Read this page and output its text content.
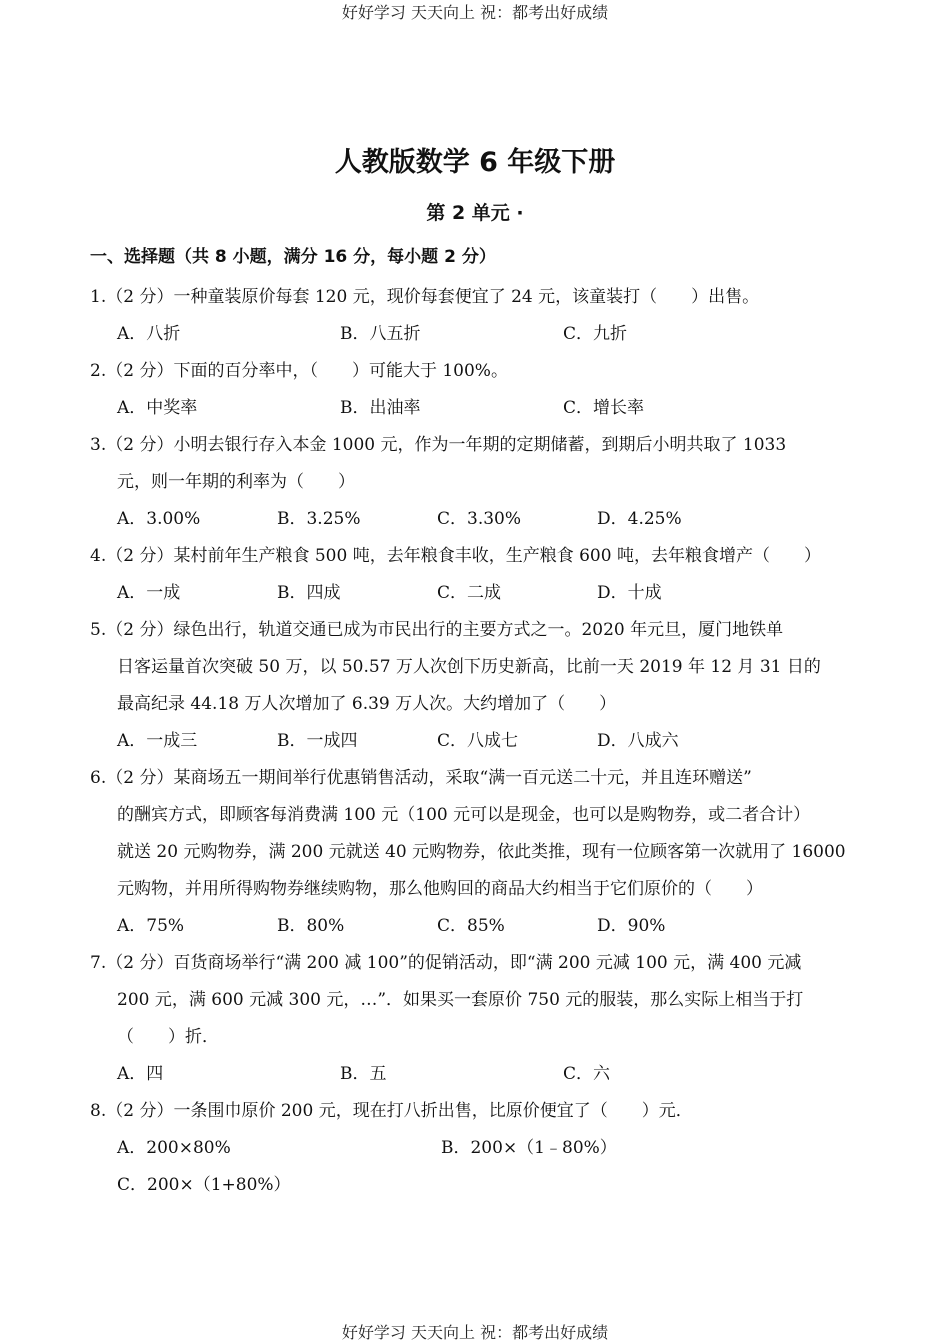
好好学习 天天向上 祝：都考出好成绩
人教版数学 6 年级下册
第 2 单元 ·
一、选择题（共 8 小题，满分 16 分，每小题 2 分）
1.（2 分）一种童装原价每套 120 元，现价每套便宜了 24 元，该童装打（　　）出售。
A．八折	B．八五折	C．九折
2.（2 分）下面的百分率中，（　　）可能大于 100%。
A．中奖率	B．出油率	C．增长率
3.（2 分）小明去银行存入本金 1000 元，作为一年期的定期储蓄，到期后小明共取了 1033
元，则一年期的利率为（　　）
A．3.00%	B．3.25%	C．3.30%	D．4.25%
4.（2 分）某村前年生产粮食 500 吨，去年粮食丰收，生产粮食 600 吨，去年粮食增产（　　）
A．一成	B．四成	C．二成	D．十成
5.（2 分）绿色出行，轨道交通已成为市民出行的主要方式之一。2020 年元旦，厦门地铁单
日客运量首次突破 50 万，以 50.57 万人次创下历史新高，比前一天 2019 年 12 月 31 日的
最高纪录 44.18 万人次增加了 6.39 万人次。大约增加了（　　）
A．一成三	B．一成四	C．八成七	D．八成六
6.（2 分）某商场五一期间举行优惠销售活动，采取“满一百元送二十元，并且连环赠送”
的酬宾方式，即顾客每消费满 100 元（100 元可以是现金，也可以是购物券，或二者合计）
就送 20 元购物券，满 200 元就送 40 元购物券，依此类推，现有一位顾客第一次就用了 16000
元购物，并用所得购物券继续购物，那么他购回的商品大约相当于它们原价的（　　）
A．75%	B．80%	C．85%	D．90%
7.（2 分）百货商场举行“满 200 减 100”的促销活动，即“满 200 元减 100 元，满 400 元减
200 元，满 600 元减 300 元，…”．如果买一套原价 750 元的服装，那么实际上相当于打
（　　）折．
A．四	B．五	C．六
8.（2 分）一条围巾原价 200 元，现在打八折出售，比原价便宜了（　　）元．
A．200×80%	B．200×（1﹣80%）
C．200×（1+80%）
好好学习 天天向上 祝：都考出好成绩
